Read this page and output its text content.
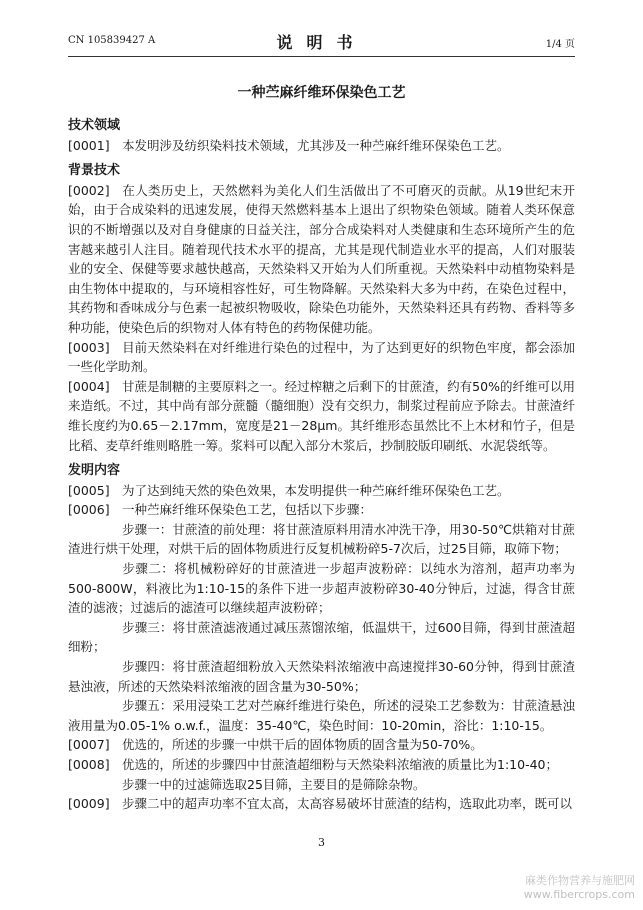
CN 105839427 A	说明书	1/4 页
一种苎麻纤维环保染色工艺
技术领域

[0001] 本发明涉及纺织染料技术领域，尤其涉及一种苎麻纤维环保染色工艺。

背景技术

[0002] 在人类历史上，天然燃料为美化人们生活做出了不可磨灭的贡献。从19世纪末开始，由于合成染料的迅速发展，使得天然燃料基本上退出了织物染色领域。随着人类环保意识的不断增强以及对自身健康的日益关注，部分合成染料对人类健康和生态环境所产生的危害越来越引人注目。随着现代技术水平的提高，尤其是现代制造业水平的提高，人们对服装业的安全、保健等要求越快越高，天然染料又开始为人们所重视。天然染料中动植物染料是由生物体中提取的，与环境相容性好，可生物降解。天然染料大多为中药，在染色过程中，其药物和香味成分与色素一起被织物吸收，除染色功能外，天然染料还具有药物、香料等多种功能，使染色后的织物对人体有特色的药物保健功能。

[0003] 目前天然染料在对纤维进行染色的过程中，为了达到更好的织物色牢度，都会添加一些化学助剂。

[0004] 甘蔗是制糖的主要原料之一。经过榨糖之后剩下的甘蔗渣，约有50%的纤维可以用来造纸。不过，其中尚有部分蔗髓（髓细胞）没有交织力，制浆过程前应予除去。甘蔗渣纤维长度约为0.65－2.17mm，宽度是21－28μm。其纤维形态虽然比不上木材和竹子，但是比稻、麦草纤维则略胜一筹。浆料可以配入部分木浆后，抄制胶版印刷纸、水泥袋纸等。

发明内容

[0005] 为了达到纯天然的染色效果，本发明提供一种苎麻纤维环保染色工艺。

[0006] 一种苎麻纤维环保染色工艺，包括以下步骤：

步骤一：甘蔗渣的前处理：将甘蔗渣原料用清水冲洗干净，用30-50℃烘箱对甘蔗渣进行烘干处理，对烘干后的固体物质进行反复机械粉碎5-7次后，过25目筛，取筛下物；

步骤二：将机械粉碎好的甘蔗渣进一步超声波粉碎：以纯水为溶剂，超声功率为500-800W，料液比为1:10-15的条件下进一步超声波粉碎30-40分钟后，过滤，得含甘蔗渣的滤液；过滤后的滤渣可以继续超声波粉碎；

步骤三：将甘蔗渣滤液通过减压蒸馏浓缩，低温烘干，过600目筛，得到甘蔗渣超细粉；

步骤四：将甘蔗渣超细粉放入天然染料浓缩液中高速搅拌30-60分钟，得到甘蔗渣悬浊液，所述的天然染料浓缩液的固含量为30-50%；

步骤五：采用浸染工艺对苎麻纤维进行染色，所述的浸染工艺参数为：甘蔗渣悬浊液用量为0.05-1% o.w.f.，温度：35-40℃，染色时间：10-20min，浴比：1:10-15。

[0007] 优选的，所述的步骤一中烘干后的固体物质的固含量为50-70%。

[0008] 优选的，所述的步骤四中甘蔗渣超细粉与天然染料浓缩液的质量比为1:10-40；

步骤一中的过滤筛选取25目筛，主要目的是筛除杂物。

[0009] 步骤二中的超声功率不宜太高，太高容易破坏甘蔗渣的结构，选取此功率，既可以

3
麻类作物营养与施肥网
www.fibercrops.com
